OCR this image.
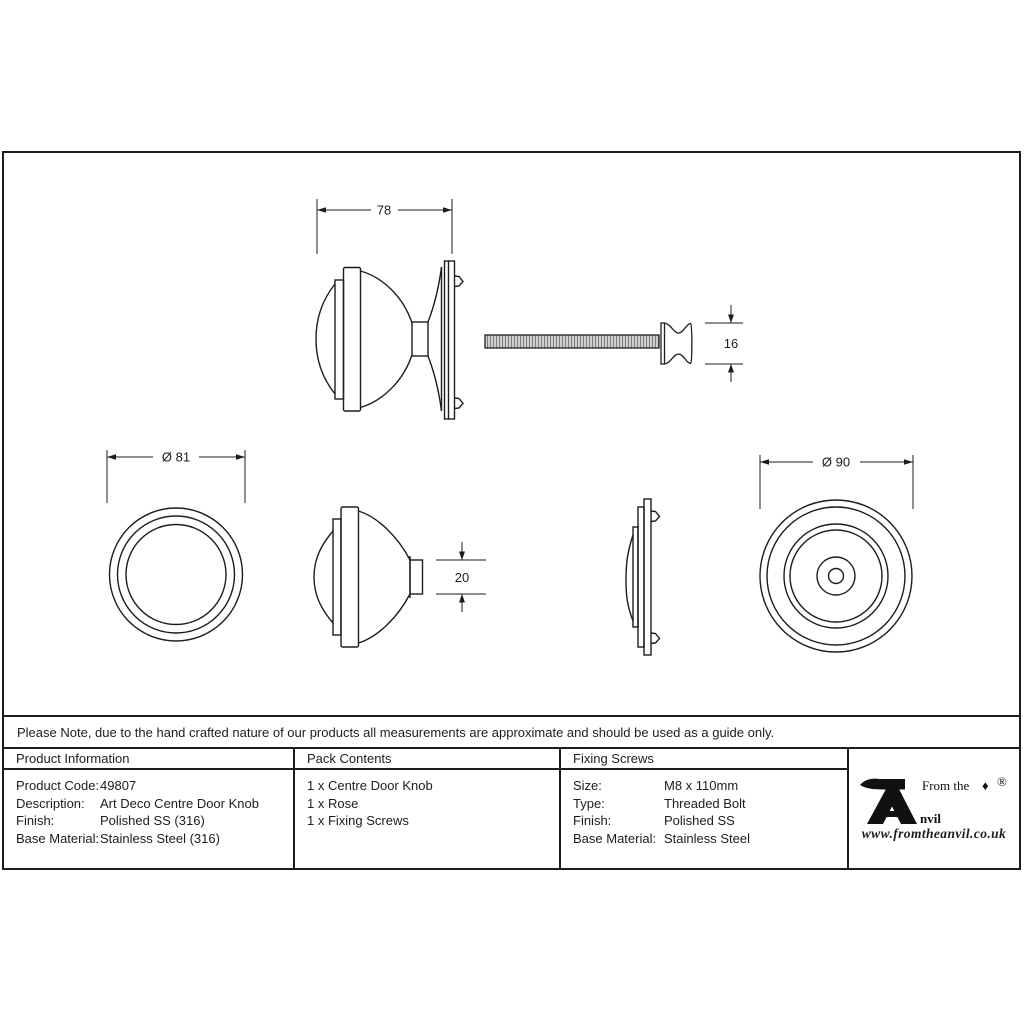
78
16
Ø 81
20
Ø 90
Please Note, due to the hand crafted nature of our products all measurements are approximate and should be used as a guide only.
Product Information
Product Code: 49807
Description:	Art Deco Centre Door Knob
Finish:	Polished SS (316)
Base Material: Stainless Steel (316)
Pack Contents
1 x Centre Door Knob
1 x Rose
1 x Fixing Screws
Fixing Screws
Size:	M8 x 110mm
Type:	Threaded Bolt
Finish:	Polished SS
Base Material: Stainless Steel
nvil
From the ♦ ®
www.fromtheanvil.co.uk
